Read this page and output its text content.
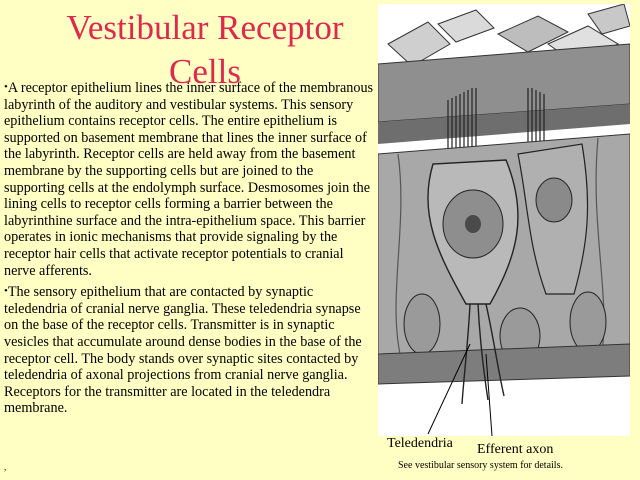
Vestibular Receptor Cells

•A receptor epithelium lines the inner surface of the membranous labyrinth of the auditory and vestibular systems. This sensory epithelium contains receptor cells. The entire epithelium is supported on basement membrane that lines the inner surface of the labyrinth. Receptor cells are held away from the basement membrane by the supporting cells but are joined to the supporting cells at the endolymph surface. Desmosomes join the lining cells to receptor cells forming a barrier between the labyrinthine surface and the intra-epithelium space. This barrier operates in ionic mechanisms that provide signaling by the receptor hair cells that activate receptor potentials to cranial nerve afferents.

•The sensory epithelium that are contacted by synaptic teledendria of cranial nerve ganglia. These teledendria synapse on the base of the receptor cells. Transmitter is in synaptic vesicles that accumulate around dense bodies in the base of the receptor cell. The body stands over synaptic sites contacted by teledendria of axonal projections from cranial nerve ganglia. Receptors for the transmitter are located in the teledendra membrane.

,
Teledendria Efferent axon
See vestibular sensory system for details.
